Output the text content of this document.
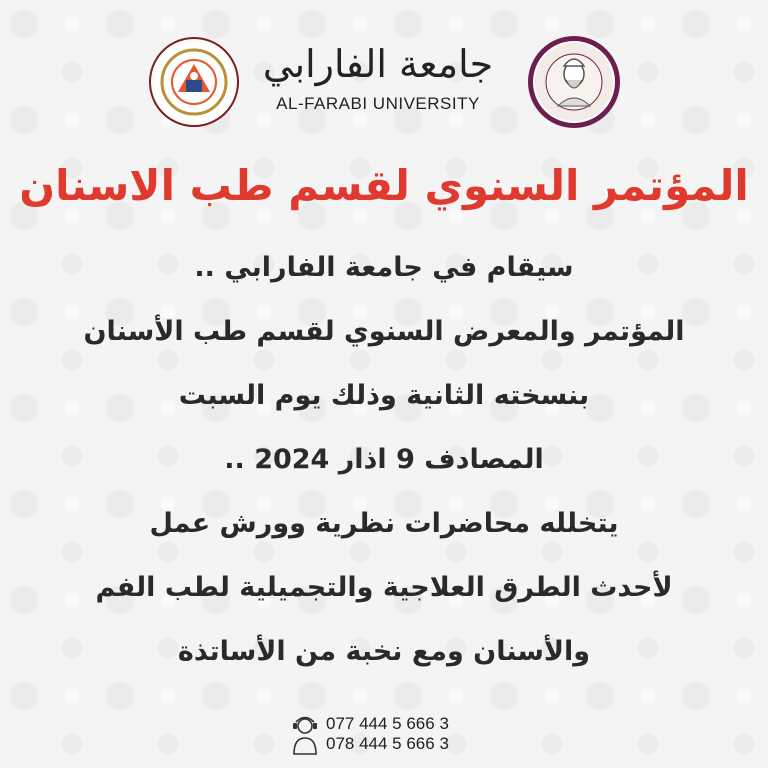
جامعة الفارابي
AL-FARABI UNIVERSITY
المؤتمر السنوي لقسم طب الاسنان
سيقام في جامعة الفارابي ..
المؤتمر والمعرض السنوي لقسم طب الأسنان
بنسخته الثانية وذلك يوم السبت
المصادف 9 اذار 2024 ..
يتخلله محاضرات نظرية وورش عمل
لأحدث الطرق العلاجية والتجميلية لطب الفم
والأسنان ومع نخبة من الأساتذة
077 444 5 666 3
078 444 5 666 3
